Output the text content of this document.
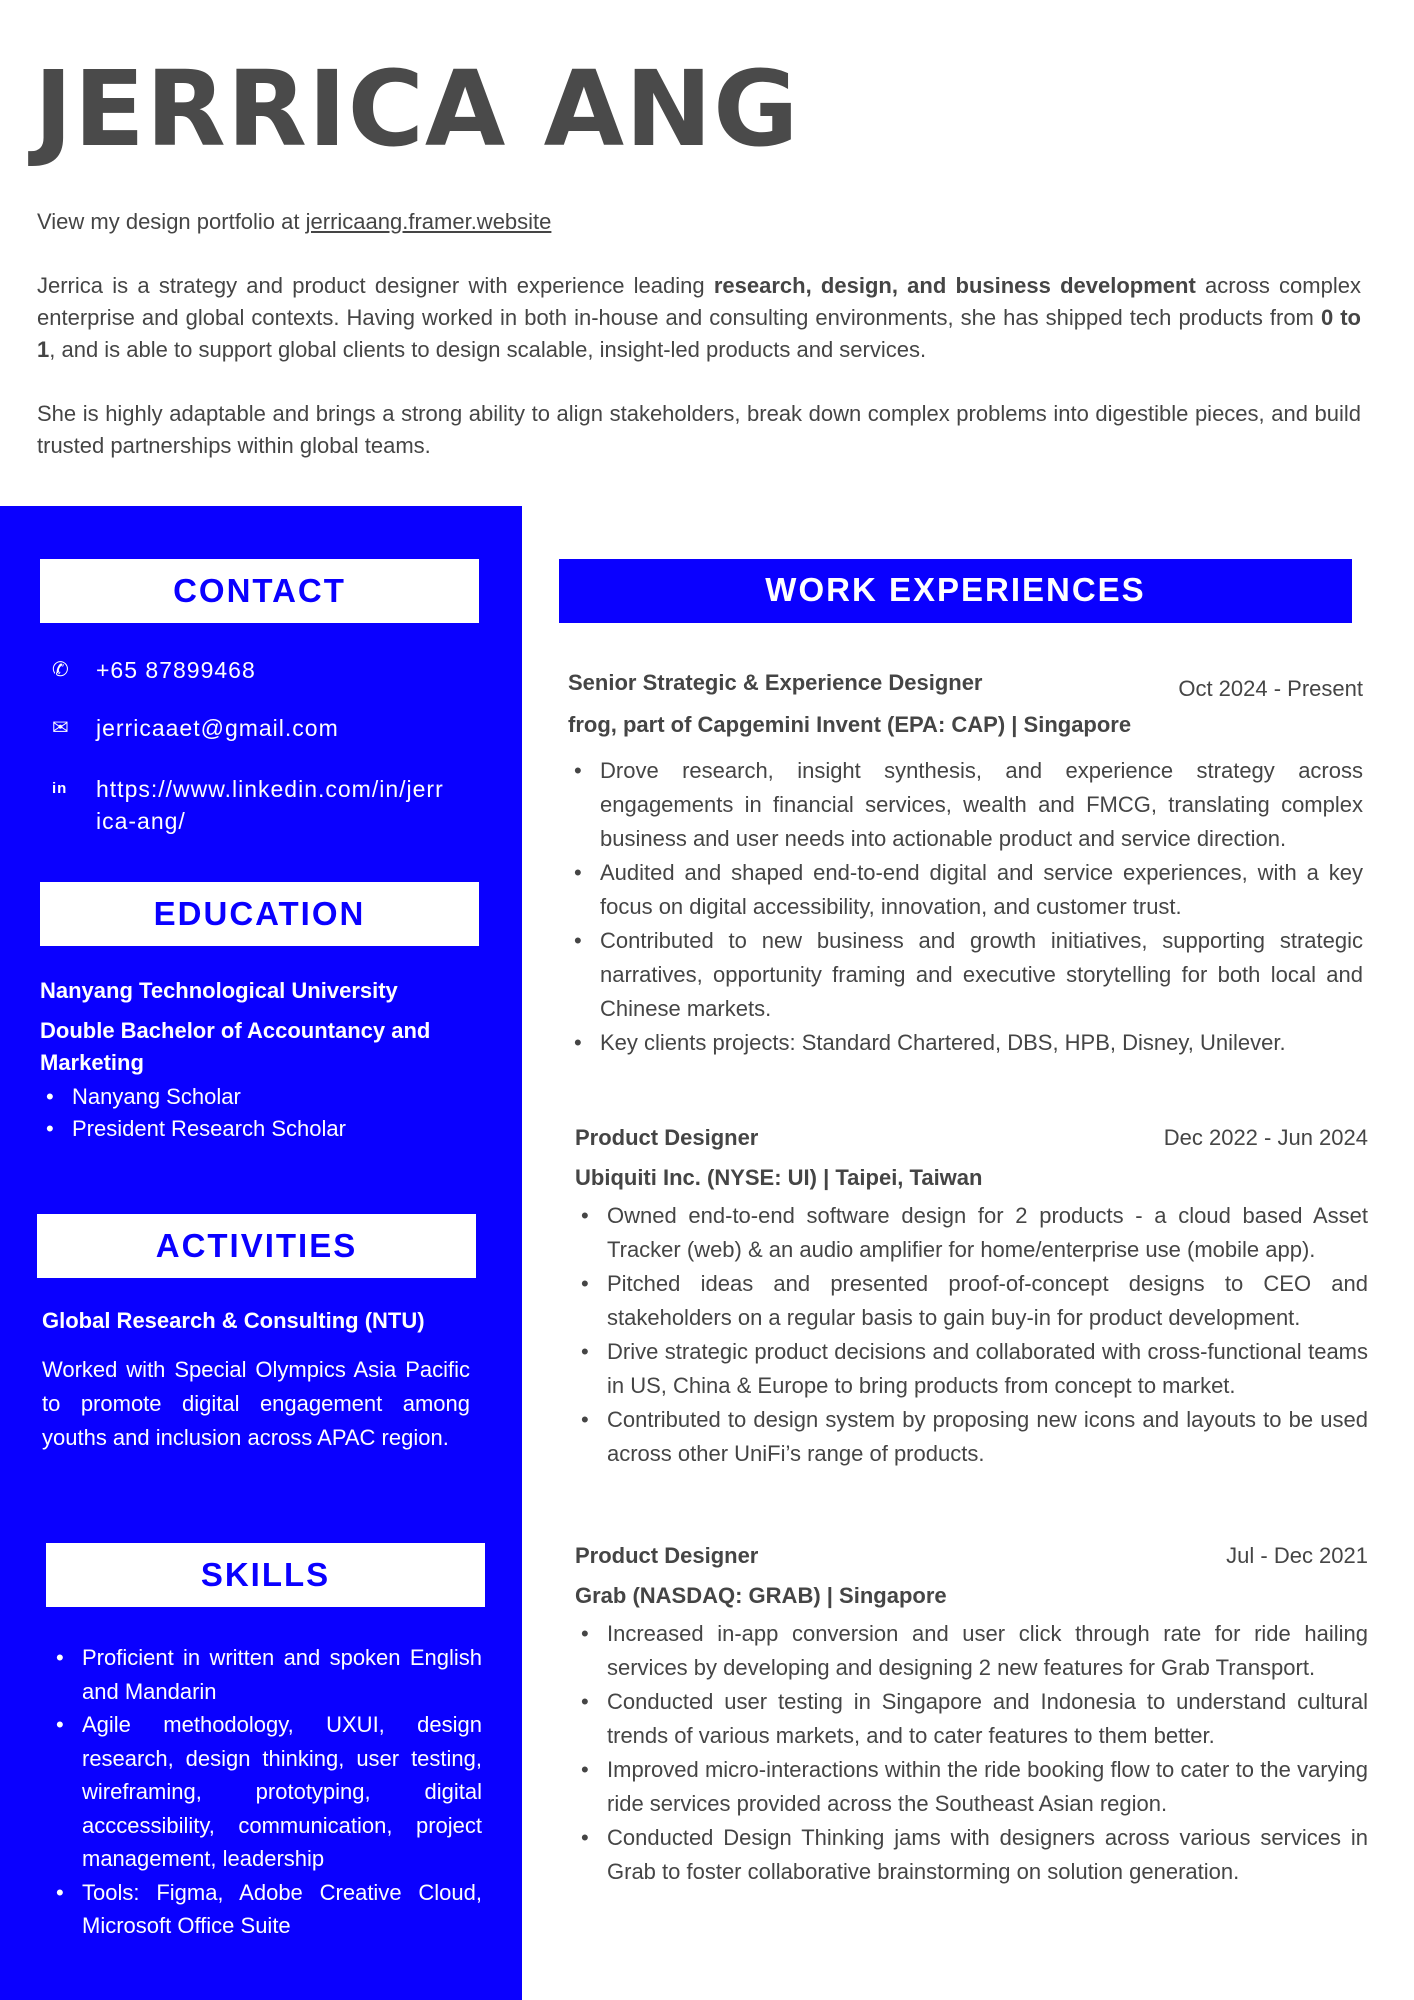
JERRICA ANG
View my design portfolio at jerricaang.framer.website
Jerrica is a strategy and product designer with experience leading research, design, and business development across complex enterprise and global contexts. Having worked in both in-house and consulting environments, she has shipped tech products from 0 to 1, and is able to support global clients to design scalable, insight-led products and services.
She is highly adaptable and brings a strong ability to align stakeholders, break down complex problems into digestible pieces, and build trusted partnerships within global teams.
CONTACT
✆	+65 87899468
✉	jerricaaet@gmail.com
in	https://www.linkedin.com/in/jerrica-ang/
EDUCATION
Nanyang Technological University
Double Bachelor of Accountancy and Marketing
• Nanyang Scholar
• President Research Scholar
ACTIVITIES
Global Research & Consulting (NTU)
Worked with Special Olympics Asia Pacific to promote digital engagement among youths and inclusion across APAC region.
SKILLS
• Proficient in written and spoken English and Mandarin
• Agile methodology, UXUI, design research, design thinking, user testing, wireframing, prototyping, digital acccessibility, communication, project management, leadership
• Tools: Figma, Adobe Creative Cloud, Microsoft Office Suite
WORK EXPERIENCES
Senior Strategic & Experience Designer	Oct 2024 - Present
frog, part of Capgemini Invent (EPA: CAP) | Singapore
• Drove research, insight synthesis, and experience strategy across engagements in financial services, wealth and FMCG, translating complex business and user needs into actionable product and service direction.
• Audited and shaped end-to-end digital and service experiences, with a key focus on digital accessibility, innovation, and customer trust.
• Contributed to new business and growth initiatives, supporting strategic narratives, opportunity framing and executive storytelling for both local and Chinese markets.
• Key clients projects: Standard Chartered, DBS, HPB, Disney, Unilever.
Product Designer	Dec 2022 - Jun 2024
Ubiquiti Inc. (NYSE: UI) | Taipei, Taiwan
• Owned end-to-end software design for 2 products - a cloud based Asset Tracker (web) & an audio amplifier for home/enterprise use (mobile app).
• Pitched ideas and presented proof-of-concept designs to CEO and stakeholders on a regular basis to gain buy-in for product development.
• Drive strategic product decisions and collaborated with cross-functional teams in US, China & Europe to bring products from concept to market.
• Contributed to design system by proposing new icons and layouts to be used across other UniFi’s range of products.
Product Designer	Jul - Dec 2021
Grab (NASDAQ: GRAB) | Singapore
• Increased in-app conversion and user click through rate for ride hailing services by developing and designing 2 new features for Grab Transport.
• Conducted user testing in Singapore and Indonesia to understand cultural trends of various markets, and to cater features to them better.
• Improved micro-interactions within the ride booking flow to cater to the varying ride services provided across the Southeast Asian region.
• Conducted Design Thinking jams with designers across various services in Grab to foster collaborative brainstorming on solution generation.
